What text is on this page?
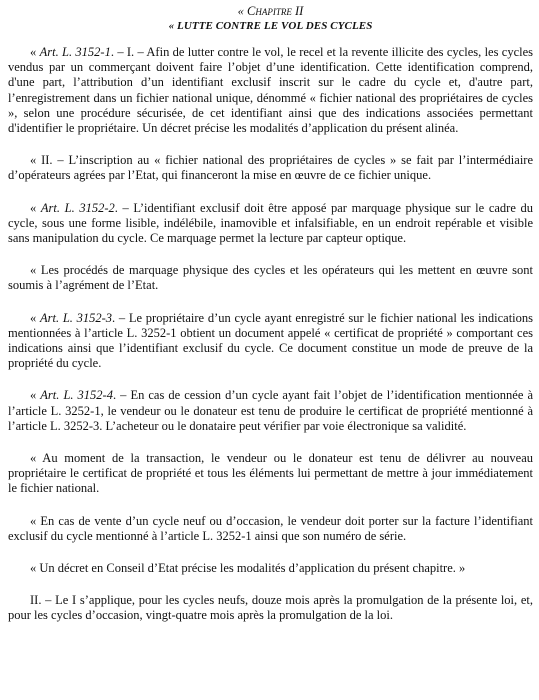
« Chapitre II

« LUTTE CONTRE LE VOL DES CYCLES

« Art. L. 3152-1. – I. – Afin de lutter contre le vol, le recel et la revente illicite des cycles, les cycles vendus par un commerçant doivent faire l’objet d’une identification. Cette identification comprend, d'une part, l’attribution d’un identifiant exclusif inscrit sur le cadre du cycle et, d'autre part, l’enregistrement dans un fichier national unique, dénommé « fichier national des propriétaires de cycles », selon une procédure sécurisée, de cet identifiant ainsi que des indications associées permettant d'identifier le propriétaire. Un décret précise les modalités d’application du présent alinéa.

« II. – L’inscription au « fichier national des propriétaires de cycles » se fait par l’intermédiaire d’opérateurs agrées par l’Etat, qui financeront la mise en œuvre de ce fichier unique.

« Art. L. 3152-2. – L’identifiant exclusif doit être apposé par marquage physique sur le cadre du cycle, sous une forme lisible, indélébile, inamovible et infalsifiable, en un endroit repérable et visible sans manipulation du cycle. Ce marquage permet la lecture par capteur optique.

« Les procédés de marquage physique des cycles et les opérateurs qui les mettent en œuvre sont soumis à l’agrément de l’Etat.

« Art. L. 3152-3. – Le propriétaire d’un cycle ayant enregistré sur le fichier national les indications mentionnées à l’article L. 3252-1 obtient un document appelé « certificat de propriété » comportant ces indications ainsi que l’identifiant exclusif du cycle. Ce document constitue un mode de preuve de la propriété du cycle.

« Art. L. 3152-4. – En cas de cession d’un cycle ayant fait l’objet de l’identification mentionnée à l’article L. 3252-1, le vendeur ou le donateur est tenu de produire le certificat de propriété mentionné à l’article L. 3252-3. L’acheteur ou le donataire peut vérifier par voie électronique sa validité.

« Au moment de la transaction, le vendeur ou le donateur est tenu de délivrer au nouveau propriétaire le certificat de propriété et tous les éléments lui permettant de mettre à jour immédiatement le fichier national.

« En cas de vente d’un cycle neuf ou d’occasion, le vendeur doit porter sur la facture l’identifiant exclusif du cycle mentionné à l’article L. 3252-1 ainsi que son numéro de série.

« Un décret en Conseil d’Etat précise les modalités d’application du présent chapitre. »

II. – Le I s’applique, pour les cycles neufs, douze mois après la promulgation de la présente loi, et, pour les cycles d’occasion, vingt-quatre mois après la promulgation de la loi.
